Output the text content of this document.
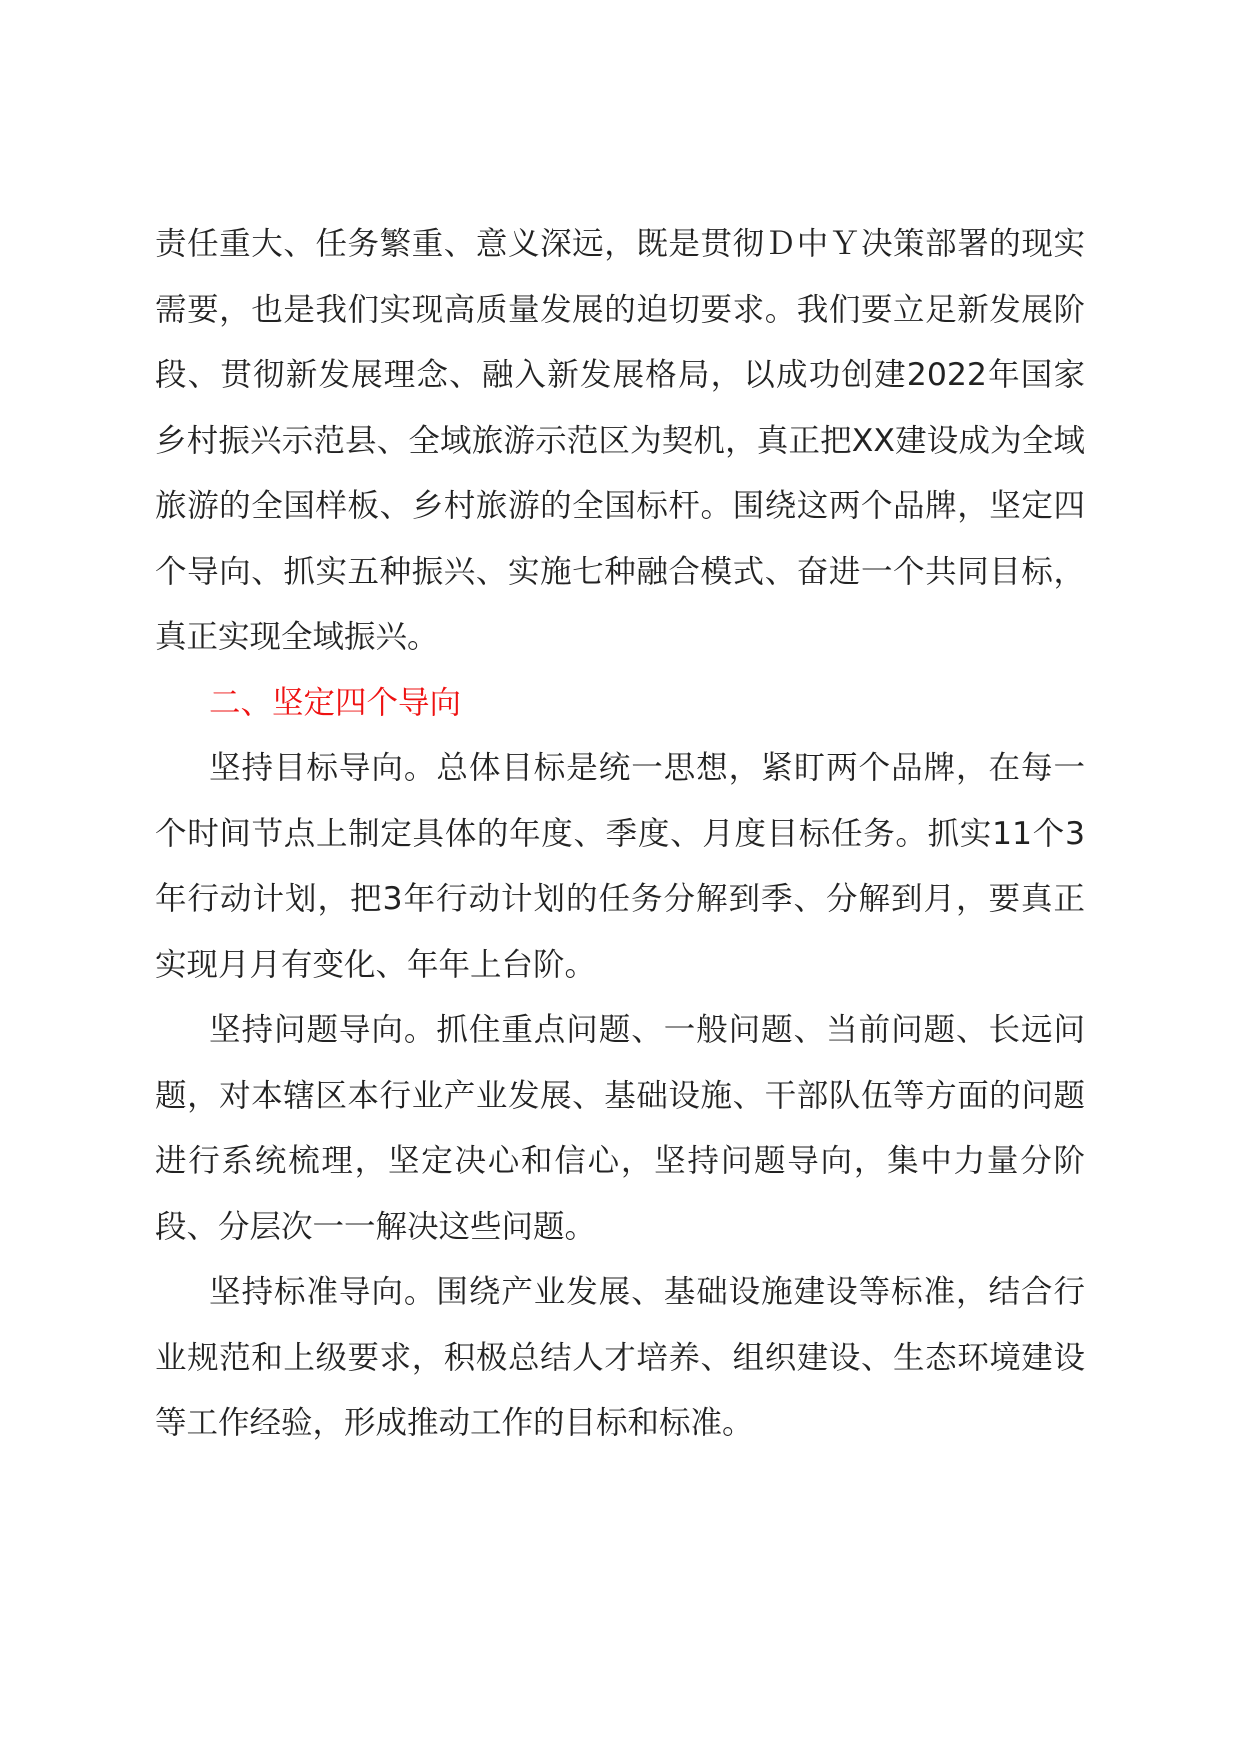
责任重大、任务繁重、意义深远，既是贯彻Ｄ中Ｙ决策部署的现实需要，也是我们实现高质量发展的迫切要求。我们要立足新发展阶段、贯彻新发展理念、融入新发展格局，以成功创建2022年国家乡村振兴示范县、全域旅游示范区为契机，真正把XX建设成为全域旅游的全国样板、乡村旅游的全国标杆。围绕这两个品牌，坚定四个导向、抓实五种振兴、实施七种融合模式、奋进一个共同目标，真正实现全域振兴。

二、坚定四个导向

坚持目标导向。总体目标是统一思想，紧盯两个品牌，在每一个时间节点上制定具体的年度、季度、月度目标任务。抓实11个3年行动计划，把3年行动计划的任务分解到季、分解到月，要真正实现月月有变化、年年上台阶。

坚持问题导向。抓住重点问题、一般问题、当前问题、长远问题，对本辖区本行业产业发展、基础设施、干部队伍等方面的问题进行系统梳理，坚定决心和信心，坚持问题导向，集中力量分阶段、分层次一一解决这些问题。

坚持标准导向。围绕产业发展、基础设施建设等标准，结合行业规范和上级要求，积极总结人才培养、组织建设、生态环境建设等工作经验，形成推动工作的目标和标准。
